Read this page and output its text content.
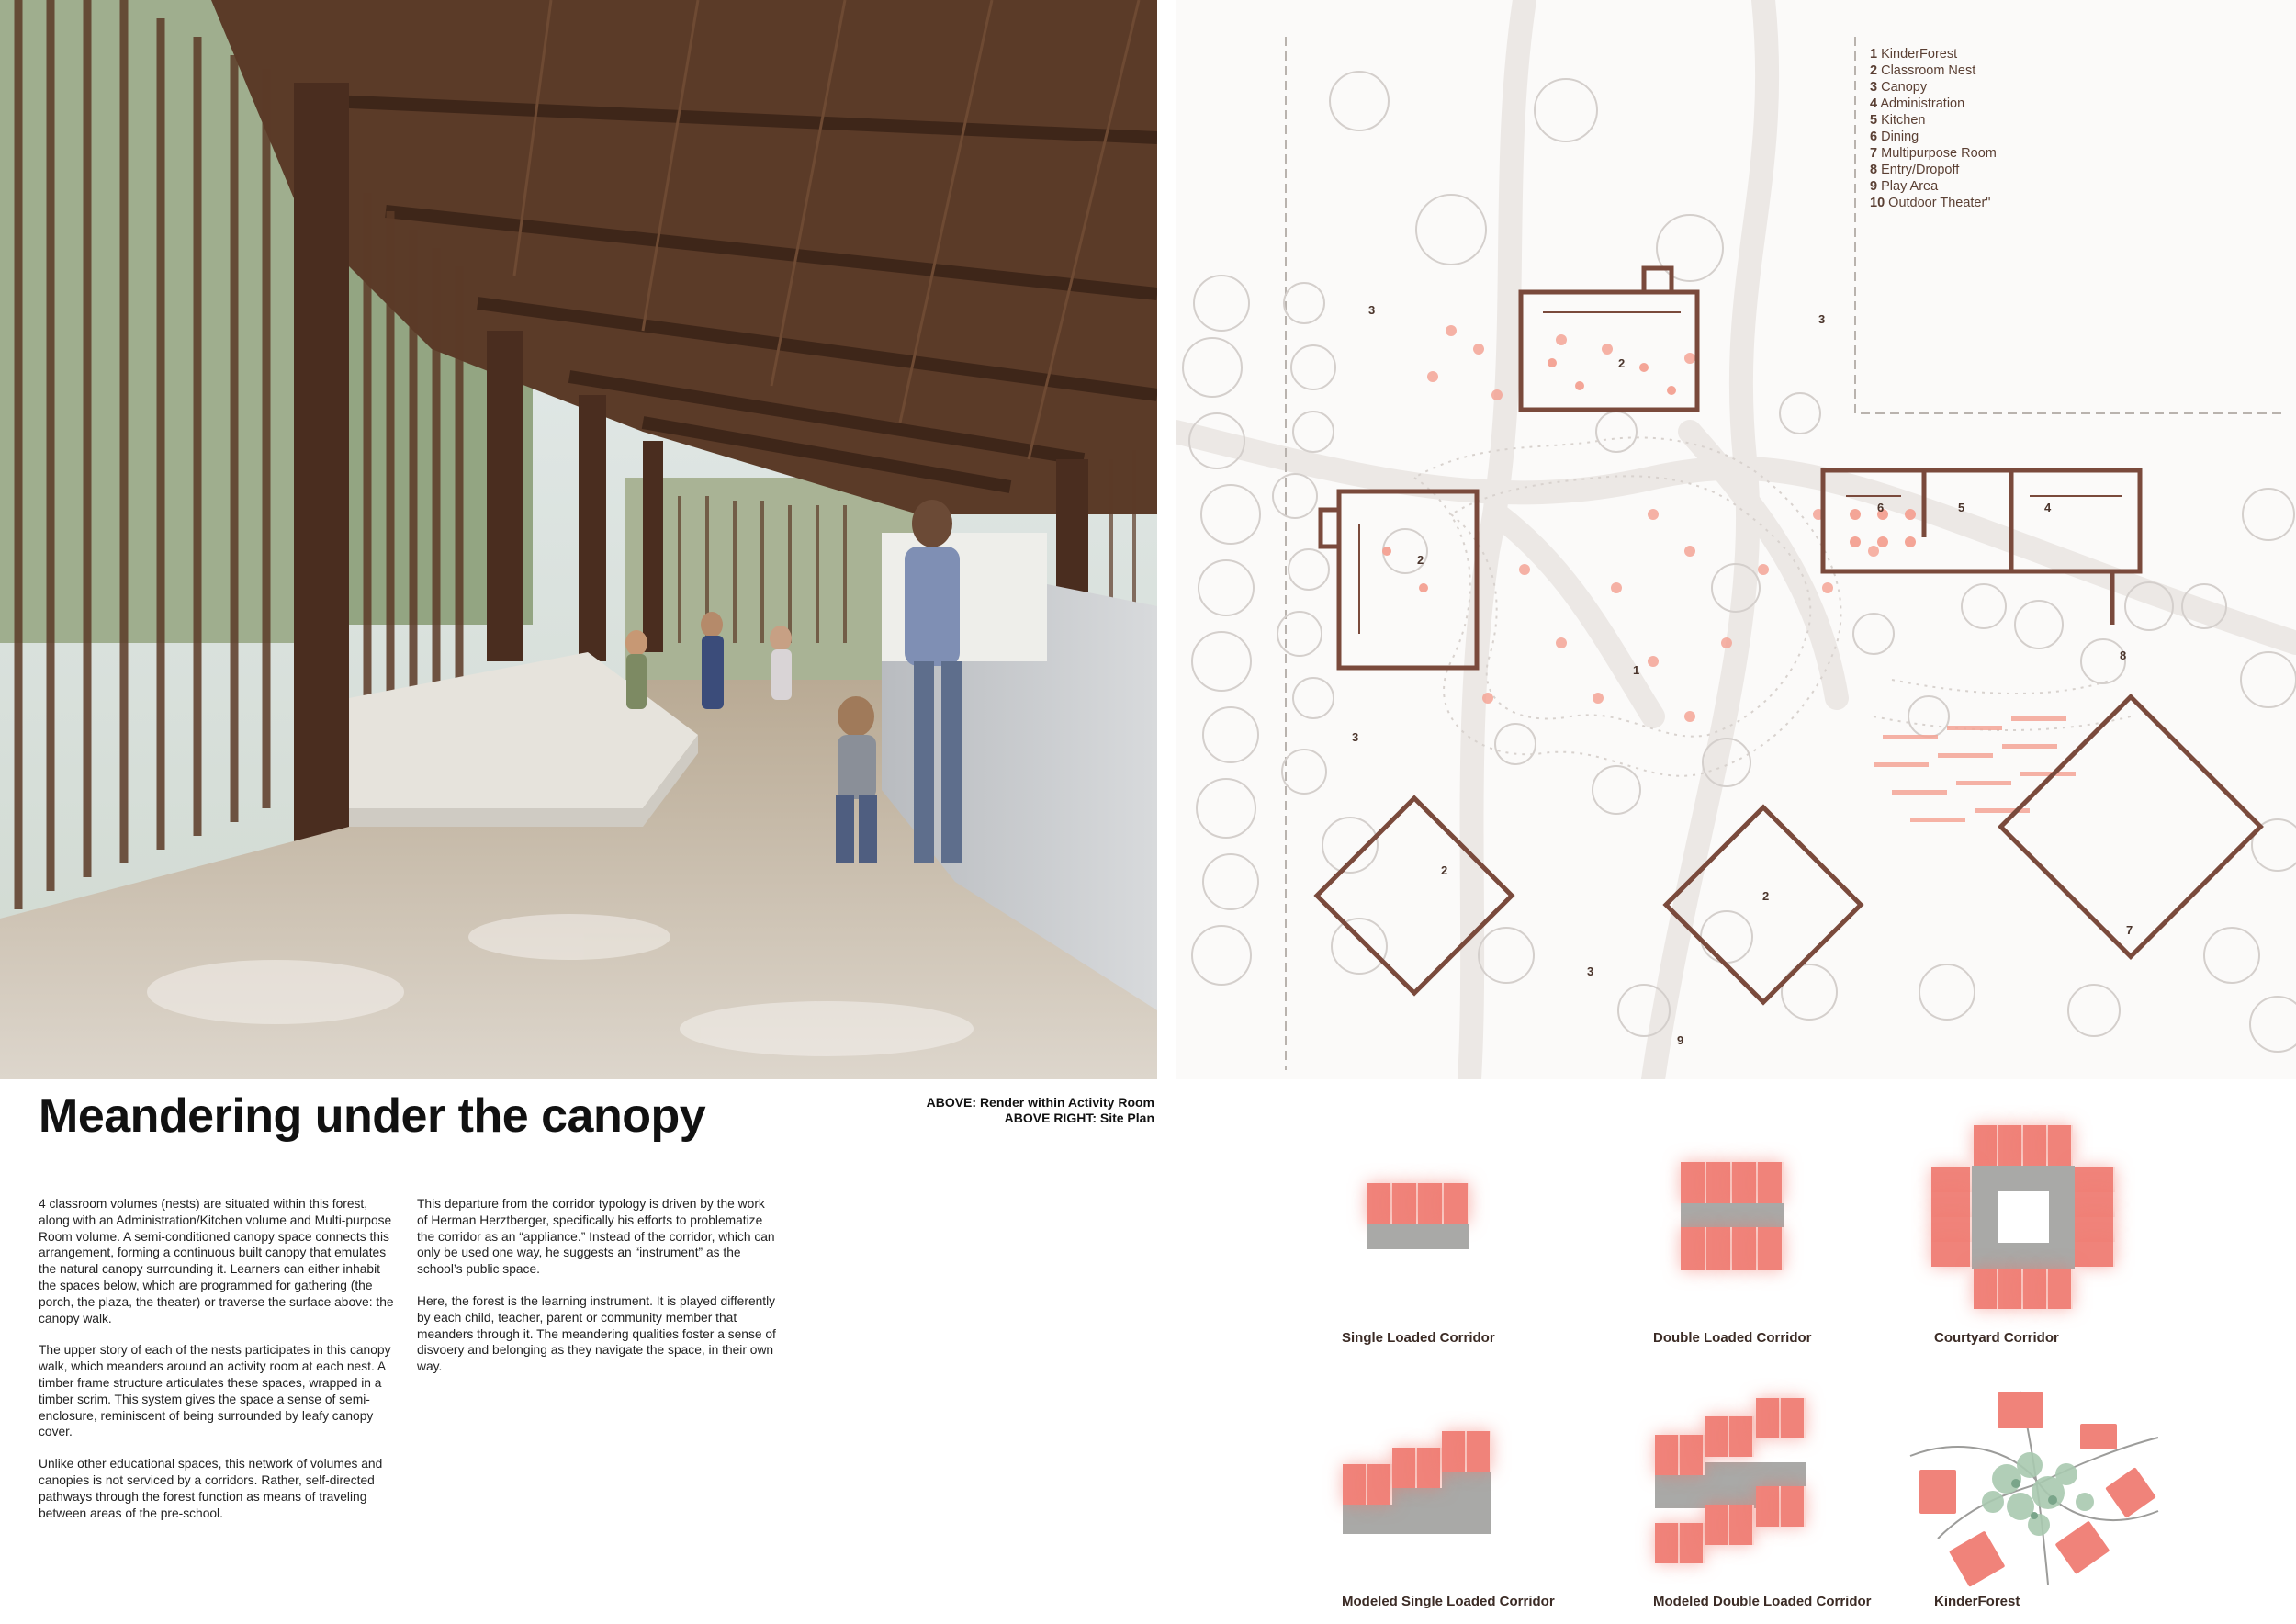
3
3
2
2
6	5	4
8
1
3
2
2
7
3
9
1 KinderForest
2 Classroom Nest
3 Canopy
4 Administration
5 Kitchen
6 Dining
7 Multipurpose Room
8 Entry/Dropoff
9 Play Area
10 Outdoor Theater"
Meandering under the canopy	ABOVE: Render within Activity Room
ABOVE RIGHT: Site Plan

4 classroom volumes (nests) are situated within this forest, along with an Administration/Kitchen volume and Multi-purpose Room volume. A semi-conditioned canopy space connects this arrangement, forming a continuous built canopy that emulates the natural canopy surrounding it. Learners can either inhabit the spaces below, which are programmed for gathering (the porch, the plaza, the theater) or traverse the surface above: the canopy walk.

The upper story of each of the nests participates in this canopy walk, which meanders around an activity room at each nest. A timber frame structure articulates these spaces, wrapped in a timber scrim. This system gives the space a sense of semi-enclosure, reminiscent of being surrounded by leafy canopy cover.

Unlike other educational spaces, this network of volumes and canopies is not serviced by a corridors. Rather, self-directed pathways through the forest function as means of traveling between areas of the pre-school.

This departure from the corridor typology is driven by the work of Herman Herztberger, specifically his efforts to problematize the corridor as an “appliance.” Instead of the corridor, which can only be used one way, he suggests an “instrument” as the school’s public space.

Here, the forest is the learning instrument. It is played differently by each child, teacher, parent or community member that meanders through it. The meandering qualities foster a sense of disvoery and belonging as they navigate the space, in their own way.

Single Loaded Corridor	Double Loaded Corridor	Courtyard Corridor
Modeled Single Loaded Corridor	Modeled Double Loaded Corridor	KinderForest
